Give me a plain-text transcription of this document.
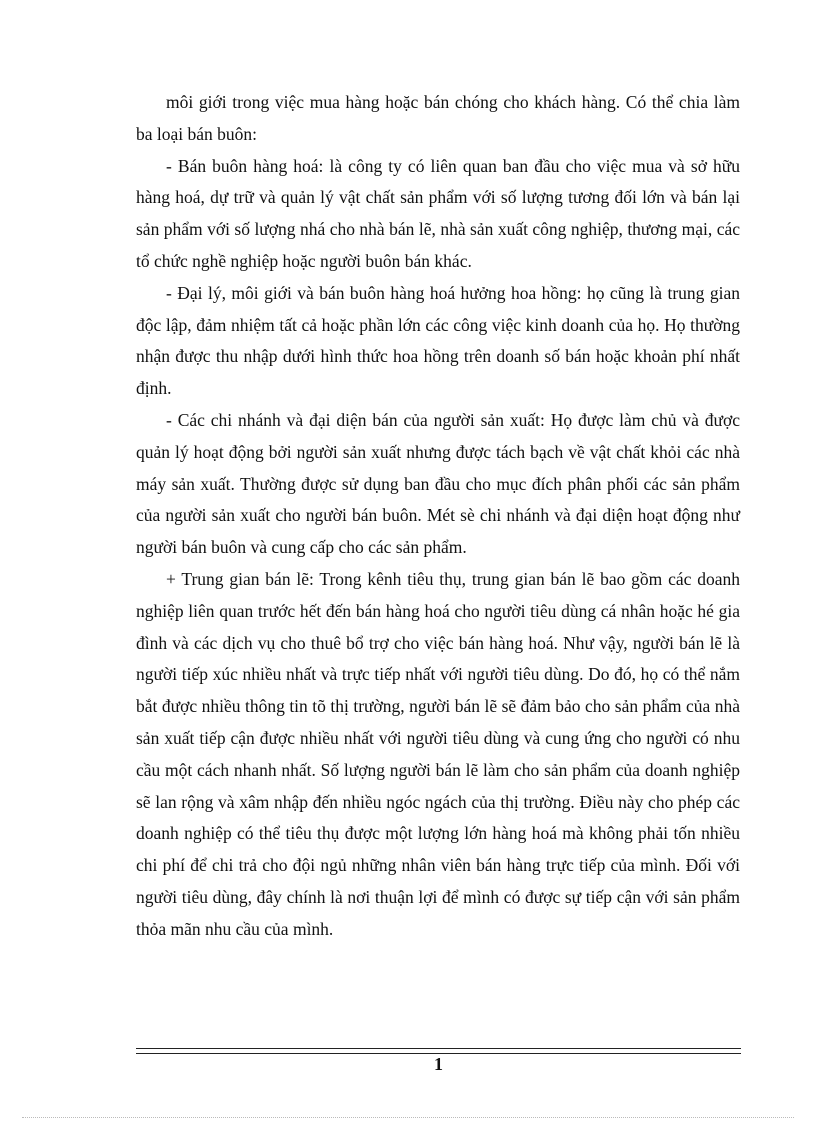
môi giới trong việc mua hàng hoặc bán chóng cho khách hàng. Có thể chia làm ba loại bán buôn:

- Bán buôn hàng hoá: là công ty có liên quan ban đầu cho việc mua và sở hữu hàng hoá, dự trữ và quản lý vật chất sản phẩm với số lượng tương đối lớn và bán lại sản phẩm với số lượng nhá cho nhà bán lẽ, nhà sản xuất công nghiệp, thương mại, các tổ chức nghề nghiệp hoặc người buôn bán khác.

- Đại lý, môi giới và bán buôn hàng hoá hưởng hoa hồng: họ cũng là trung gian độc lập, đảm nhiệm tất cả hoặc phần lớn các công việc kinh doanh của họ. Họ thường nhận được thu nhập dưới hình thức hoa hồng trên doanh số bán hoặc khoản phí nhất định.

- Các chi nhánh và đại diện bán của người sản xuất: Họ được làm chủ và được quản lý hoạt động bởi người sản xuất nhưng được tách bạch về vật chất khỏi các nhà máy sản xuất. Thường được sử dụng ban đầu cho mục đích phân phối các sản phẩm của người sản xuất cho người bán buôn. Mét sè chi nhánh và đại diện hoạt động như người bán buôn và cung cấp cho các sản phẩm.

+ Trung gian bán lẽ: Trong kênh tiêu thụ, trung gian bán lẽ bao gồm các doanh nghiệp liên quan trước hết đến bán hàng hoá cho người tiêu dùng cá nhân hoặc hé gia đình và các dịch vụ cho thuê bổ trợ cho việc bán hàng hoá. Như vậy, người bán lẽ là người tiếp xúc nhiều nhất và trực tiếp nhất với người tiêu dùng. Do đó, họ có thể nắm bắt được nhiều thông tin tõ thị trường, người bán lẽ sẽ đảm bảo cho sản phẩm của nhà sản xuất tiếp cận được nhiều nhất với người tiêu dùng và cung ứng cho người có nhu cầu một cách nhanh nhất. Số lượng người bán lẽ làm cho sản phẩm của doanh nghiệp sẽ lan rộng và xâm nhập đến nhiều ngóc ngách của thị trường. Điều này cho phép các doanh nghiệp có thể tiêu thụ được một lượng lớn hàng hoá mà không phải tốn nhiều chi phí để chi trả cho đội ngủ những nhân viên bán hàng trực tiếp của mình. Đối với người tiêu dùng, đây chính là nơi thuận lợi để mình có được sự tiếp cận với sản phẩm thỏa mãn nhu cầu của mình.

1
